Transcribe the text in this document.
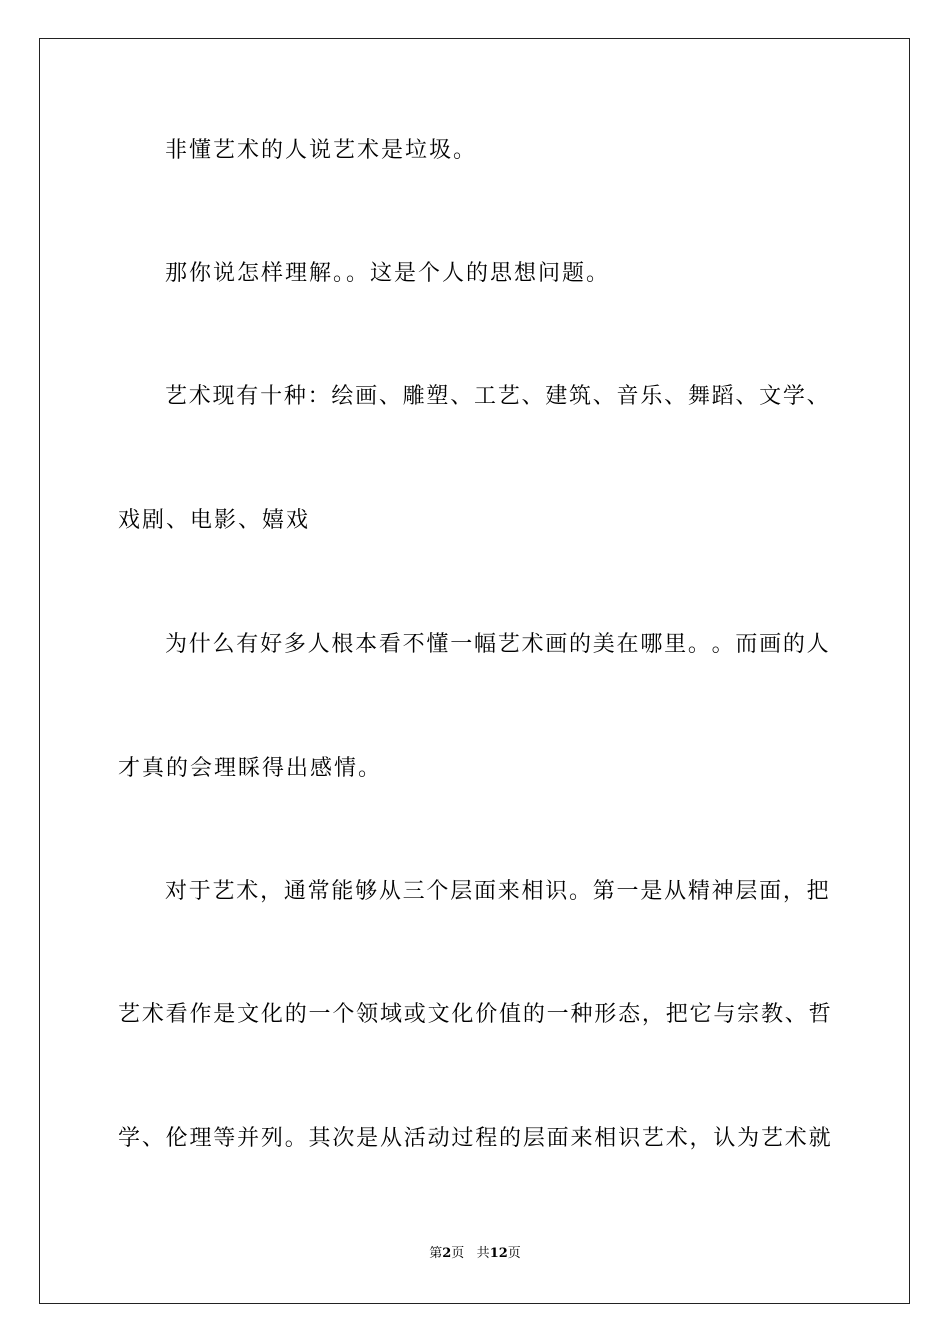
非懂艺术的人说艺术是垃圾。
那你说怎样理解。。这是个人的思想问题。
艺 术 现 有 十 种 ： 绘 画 、 雕 塑 、 工 艺 、 建 筑 、 音 乐 、 舞 蹈 、 文 学 、
戏剧、电影、嬉戏
为 什 么 有 好 多 人 根 本 看 不 懂 一 幅 艺 术 画 的 美 在 哪 里 。 。 而 画 的 人
才真的会理睬得出感情。
对 于 艺 术 ， 通 常 能 够 从 三 个 层 面 来 相 识 。 第 一 是 从 精 神 层 面 ， 把
艺 术 看 作 是 文 化 的 一 个 领 域 或 文 化 价 值 的 一 种 形 态 ， 把 它 与 宗 教 、 哲
学 、 伦 理 等 并 列 。 其 次 是 从 活 动 过 程 的 层 面 来 相 识 艺 术 ， 认 为 艺 术 就
第2页 共12页
